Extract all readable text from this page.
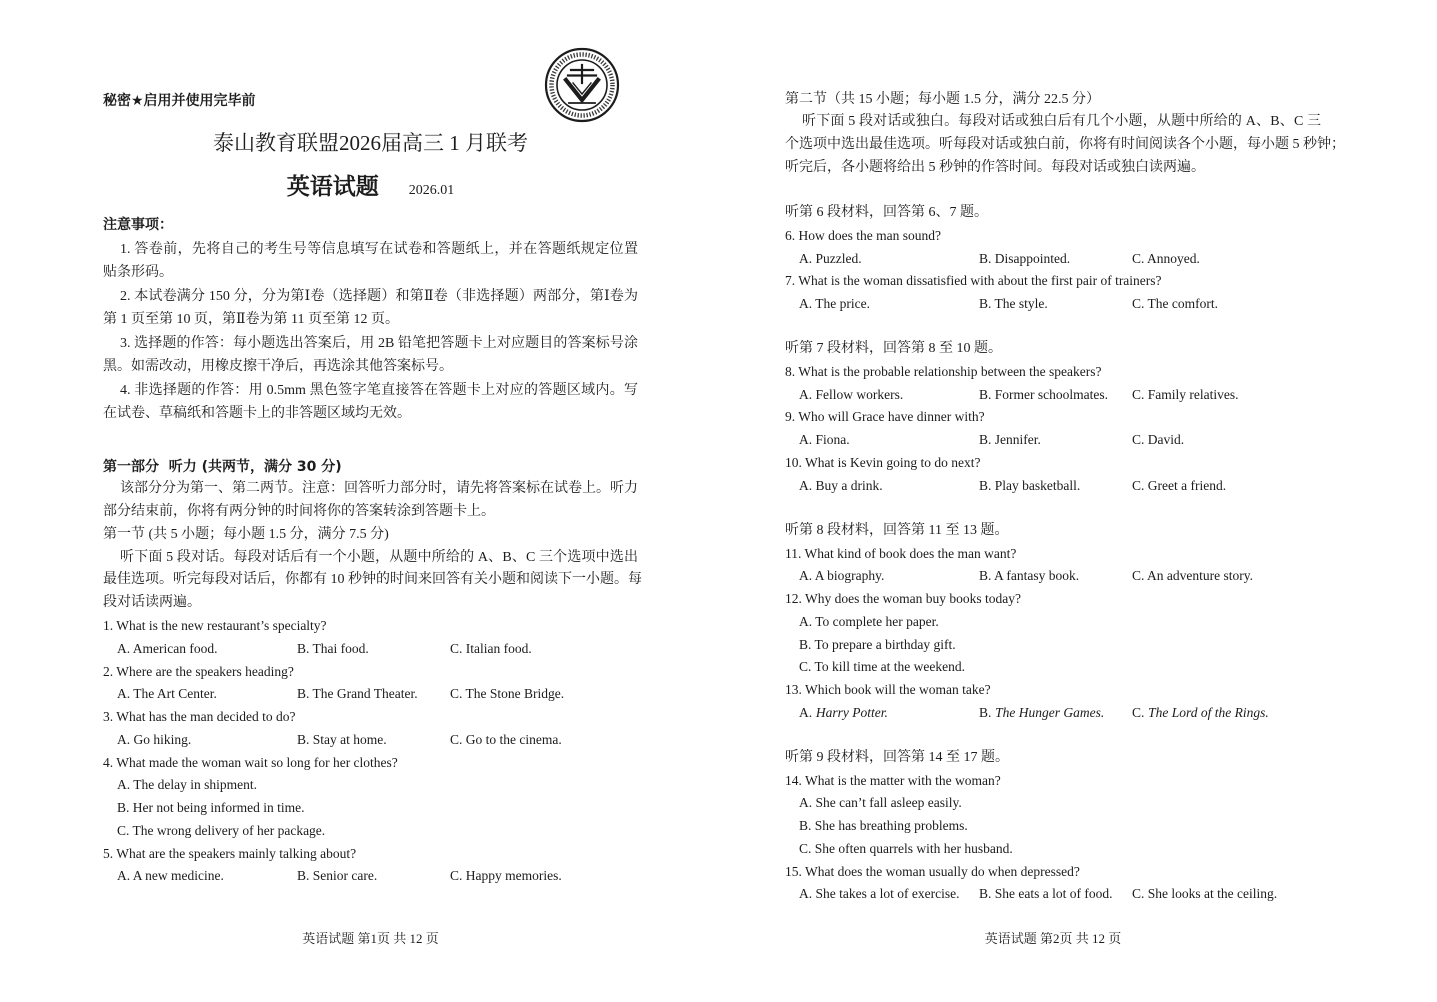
秘密★启用并使用完毕前
泰山教育联盟2026届高三 1 月联考
英语试题 2026.01
注意事项：
1. 答卷前，先将自己的考生号等信息填写在试卷和答题纸上，并在答题纸规定位置
贴条形码。
2. 本试卷满分 150 分，分为第Ⅰ卷（选择题）和第Ⅱ卷（非选择题）两部分，第Ⅰ卷为
第 1 页至第 10 页，第Ⅱ卷为第 11 页至第 12 页。
3. 选择题的作答：每小题选出答案后，用 2B 铅笔把答题卡上对应题目的答案标号涂
黑。如需改动，用橡皮擦干净后，再选涂其他答案标号。
4. 非选择题的作答：用 0.5mm 黑色签字笔直接答在答题卡上对应的答题区域内。写
在试卷、草稿纸和答题卡上的非答题区域均无效。
第一部分  听力 (共两节，满分 30 分)
该部分分为第一、第二两节。注意：回答听力部分时，请先将答案标在试卷上。听力
部分结束前，你将有两分钟的时间将你的答案转涂到答题卡上。
第一节 (共 5 小题；每小题 1.5 分，满分 7.5 分)
听下面 5 段对话。每段对话后有一个小题，从题中所给的 A、B、C 三个选项中选出
最佳选项。听完每段对话后，你都有 10 秒钟的时间来回答有关小题和阅读下一小题。每
段对话读两遍。
1. What is the new restaurant’s specialty?
A. American food.	B. Thai food.	C. Italian food.
2. Where are the speakers heading?
A. The Art Center.	B. The Grand Theater. C. The Stone Bridge.
3. What has the man decided to do?
A. Go hiking.	B. Stay at home.	C. Go to the cinema.
4. What made the woman wait so long for her clothes?
A. The delay in shipment.
B. Her not being informed in time.
C. The wrong delivery of her package.
5. What are the speakers mainly talking about?
A. A new medicine.	B. Senior care.	C. Happy memories.
英语试题 第1页 共 12 页
第二节（共 15 小题；每小题 1.5 分，满分 22.5 分）
听下面 5 段对话或独白。每段对话或独白后有几个小题，从题中所给的 A、B、C 三
个选项中选出最佳选项。听每段对话或独白前，你将有时间阅读各个小题，每小题 5 秒钟；
听完后，各小题将给出 5 秒钟的作答时间。每段对话或独白读两遍。
听第 6 段材料，回答第 6、7 题。
6. How does the man sound?
A. Puzzled.	B. Disappointed.	C. Annoyed.
7. What is the woman dissatisfied with about the first pair of trainers?
A. The price.	B. The style.	C. The comfort.
听第 7 段材料，回答第 8 至 10 题。
8. What is the probable relationship between the speakers?
A. Fellow workers.	B. Former schoolmates. C. Family relatives.
9. Who will Grace have dinner with?
A. Fiona.	B. Jennifer.	C. David.
10. What is Kevin going to do next?
A. Buy a drink.	B. Play basketball.	C. Greet a friend.
听第 8 段材料，回答第 11 至 13 题。
11. What kind of book does the man want?
A. A biography.	B. A fantasy book.	C. An adventure story.
12. Why does the woman buy books today?
A. To complete her paper.
B. To prepare a birthday gift.
C. To kill time at the weekend.
13. Which book will the woman take?
A. Harry Potter.	B. The Hunger Games. C. The Lord of the Rings.
听第 9 段材料，回答第 14 至 17 题。
14. What is the matter with the woman?
A. She can’t fall asleep easily.
B. She has breathing problems.
C. She often quarrels with her husband.
15. What does the woman usually do when depressed?
A. She takes a lot of exercise. B. She eats a lot of food. C. She looks at the ceiling.
英语试题 第2页 共 12 页
